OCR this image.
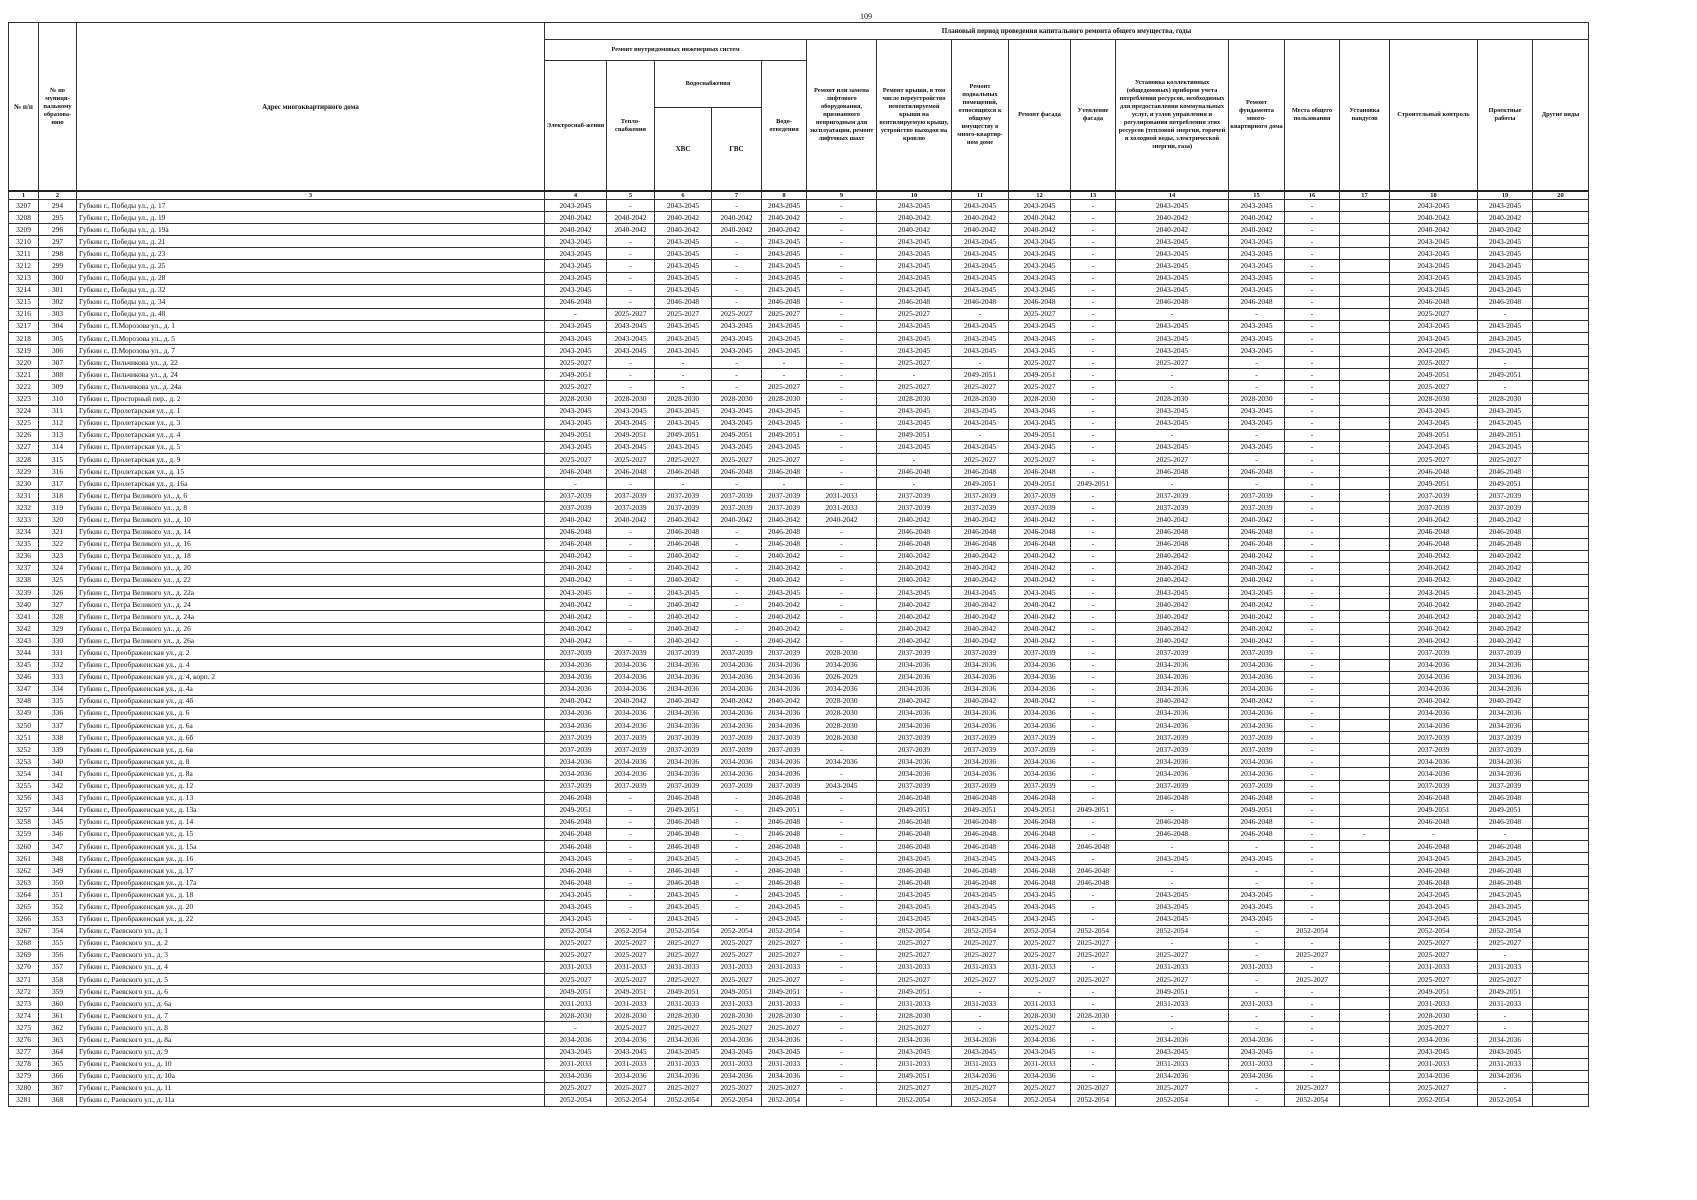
109
№ п/п	№ по муници-пальному образова-нию	Адрес многоквартирного дома	Плановый период проведения капитального ремонта общего имущества, годы																
			Ремонт внутридомовых инженерных систем					Ремонт или замена лифтового оборудования, признанного непригодным для эксплуатации, ремонт лифтовых шахт	Ремонт крыши, в том числе переустройство невентилируемой крыши на вентилируемую крышу, устройство выходов на кровлю	Ремонт подвальных помещений, относящихся к общему имуществу в много-квартир-ном доме	Ремонт фасада	Утепление фасада	Установка коллективных (общедомовых) приборов учета потребления ресурсов, необходимых для предоставления коммунальных услуг, и узлов управления и регулирования потребления этих ресурсов (тепловой энергии, горячей и холодной воды, электрической энергии, газа)	Ремонт фундамента много-квартирного дома	Места общего пользования	Установка пандусов	Строительный контроль	Проектные работы	Другие виды
			Электроснаб-жения	Тепло-снабжения	Водоснабжения		Водо-отведения												
					ХВС	ГВС													
1	2	3	4	5	6	7	8	9	10	11	12	13	14	15	16	17	18	19	20
3207	294	Губкин г., Победы ул., д. 17	2043-2045	-	2043-2045	-	2043-2045	-	2043-2045	2043-2045	2043-2045	-	2043-2045	2043-2045	-		2043-2045	2043-2045	
3208	295	Губкин г., Победы ул., д. 19	2040-2042	2040-2042	2040-2042	2040-2042	2040-2042	-	2040-2042	2040-2042	2040-2042	-	2040-2042	2040-2042	-		2040-2042	2040-2042	
3209	296	Губкин г., Победы ул., д. 19а	2040-2042	2040-2042	2040-2042	2040-2042	2040-2042	-	2040-2042	2040-2042	2040-2042	-	2040-2042	2040-2042	-		2040-2042	2040-2042	
3210	297	Губкин г., Победы ул., д. 21	2043-2045	-	2043-2045	-	2043-2045	-	2043-2045	2043-2045	2043-2045	-	2043-2045	2043-2045	-		2043-2045	2043-2045	
3211	298	Губкин г., Победы ул., д. 23	2043-2045	-	2043-2045	-	2043-2045	-	2043-2045	2043-2045	2043-2045	-	2043-2045	2043-2045	-		2043-2045	2043-2045	
3212	299	Губкин г., Победы ул., д. 25	2043-2045	-	2043-2045	-	2043-2045	-	2043-2045	2043-2045	2043-2045	-	2043-2045	2043-2045	-		2043-2045	2043-2045	
3213	300	Губкин г., Победы ул., д. 28	2043-2045	-	2043-2045	-	2043-2045	-	2043-2045	2043-2045	2043-2045	-	2043-2045	2043-2045	-		2043-2045	2043-2045	
3214	301	Губкин г., Победы ул., д. 32	2043-2045	-	2043-2045	-	2043-2045	-	2043-2045	2043-2045	2043-2045	-	2043-2045	2043-2045	-		2043-2045	2043-2045	
3215	302	Губкин г., Победы ул., д. 34	2046-2048	-	2046-2048	-	2046-2048	-	2046-2048	2046-2048	2046-2048	-	2046-2048	2046-2048	-		2046-2048	2046-2048	
3216	303	Губкин г., Победы ул., д. 48	-	2025-2027	2025-2027	2025-2027	2025-2027	-	2025-2027	-	2025-2027	-	-	-	-		2025-2027	-	
3217	304	Губкин г., П.Морозова ул., д. 1	2043-2045	2043-2045	2043-2045	2043-2045	2043-2045	-	2043-2045	2043-2045	2043-2045	-	2043-2045	2043-2045	-		2043-2045	2043-2045	
3218	305	Губкин г., П.Морозова ул., д. 5	2043-2045	2043-2045	2043-2045	2043-2045	2043-2045	-	2043-2045	2043-2045	2043-2045	-	2043-2045	2043-2045	-		2043-2045	2043-2045	
3219	306	Губкин г., П.Морозова ул., д. 7	2043-2045	2043-2045	2043-2045	2043-2045	2043-2045	-	2043-2045	2043-2045	2043-2045	-	2043-2045	2043-2045	-		2043-2045	2043-2045	
3220	307	Губкин г., Пильчикова ул., д. 22	2025-2027	-	-	-	-	-	2025-2027	-	2025-2027	-	2025-2027	-	-		2025-2027	-	
3221	308	Губкин г., Пильчикова ул., д. 24	2049-2051	-	-	-	-	-	-	2049-2051	2049-2051	-	-	-	-		2049-2051	2049-2051	
3222	309	Губкин г., Пильчикова ул., д. 24а	2025-2027	-	-	-	2025-2027	-	2025-2027	2025-2027	2025-2027	-	-	-	-		2025-2027	-	
3223	310	Губкин г., Просторный пер., д. 2	2028-2030	2028-2030	2028-2030	2028-2030	2028-2030	-	2028-2030	2028-2030	2028-2030	-	2028-2030	2028-2030	-		2028-2030	2028-2030	
3224	311	Губкин г., Пролетарская ул., д. 1	2043-2045	2043-2045	2043-2045	2043-2045	2043-2045	-	2043-2045	2043-2045	2043-2045	-	2043-2045	2043-2045	-		2043-2045	2043-2045	
3225	312	Губкин г., Пролетарская ул., д. 3	2043-2045	2043-2045	2043-2045	2043-2045	2043-2045	-	2043-2045	2043-2045	2043-2045	-	2043-2045	2043-2045	-		2043-2045	2043-2045	
3226	313	Губкин г., Пролетарская ул., д. 4	2049-2051	2049-2051	2049-2051	2049-2051	2049-2051	-	2049-2051	-	2049-2051	-	-	-	-		2049-2051	2049-2051	
3227	314	Губкин г., Пролетарская ул., д. 5	2043-2045	2043-2045	2043-2045	2043-2045	2043-2045	-	2043-2045	2043-2045	2043-2045	-	2043-2045	2043-2045	-		2043-2045	2043-2045	
3228	315	Губкин г., Пролетарская ул., д. 9	2025-2027	2025-2027	2025-2027	2025-2027	2025-2027	-	-	2025-2027	2025-2027	-	2025-2027	-	-		2025-2027	2025-2027	
3229	316	Губкин г., Пролетарская ул., д. 15	2046-2048	2046-2048	2046-2048	2046-2048	2046-2048	-	2046-2048	2046-2048	2046-2048	-	2046-2048	2046-2048	-		2046-2048	2046-2048	
3230	317	Губкин г., Пролетарская ул., д. 16а	-	-	-	-	-	-	-	2049-2051	2049-2051	2049-2051	-	-	-		2049-2051	2049-2051	
3231	318	Губкин г., Петра Великого ул., д. 6	2037-2039	2037-2039	2037-2039	2037-2039	2037-2039	2031-2033	2037-2039	2037-2039	2037-2039	-	2037-2039	2037-2039	-		2037-2039	2037-2039	
3232	319	Губкин г., Петра Великого ул., д. 8	2037-2039	2037-2039	2037-2039	2037-2039	2037-2039	2031-2033	2037-2039	2037-2039	2037-2039	-	2037-2039	2037-2039	-		2037-2039	2037-2039	
3233	320	Губкин г., Петра Великого ул., д. 10	2040-2042	2040-2042	2040-2042	2040-2042	2040-2042	2040-2042	2040-2042	2040-2042	2040-2042	-	2040-2042	2040-2042	-		2040-2042	2040-2042	
3234	321	Губкин г., Петра Великого ул., д. 14	2046-2048	-	2046-2048	-	2046-2048	-	2046-2048	2046-2048	2046-2048	-	2046-2048	2046-2048	-		2046-2048	2046-2048	
3235	322	Губкин г., Петра Великого ул., д. 16	2046-2048	-	2046-2048	-	2046-2048	-	2046-2048	2046-2048	2046-2048	-	2046-2048	2046-2048	-		2046-2048	2046-2048	
3236	323	Губкин г., Петра Великого ул., д. 18	2040-2042	-	2040-2042	-	2040-2042	-	2040-2042	2040-2042	2040-2042	-	2040-2042	2040-2042	-		2040-2042	2040-2042	
3237	324	Губкин г., Петра Великого ул., д. 20	2040-2042	-	2040-2042	-	2040-2042	-	2040-2042	2040-2042	2040-2042	-	2040-2042	2040-2042	-		2040-2042	2040-2042	
3238	325	Губкин г., Петра Великого ул., д. 22	2040-2042	-	2040-2042	-	2040-2042	-	2040-2042	2040-2042	2040-2042	-	2040-2042	2040-2042	-		2040-2042	2040-2042	
3239	326	Губкин г., Петра Великого ул., д. 22а	2043-2045	-	2043-2045	-	2043-2045	-	2043-2045	2043-2045	2043-2045	-	2043-2045	2043-2045	-		2043-2045	2043-2045	
3240	327	Губкин г., Петра Великого ул., д. 24	2040-2042	-	2040-2042	-	2040-2042	-	2040-2042	2040-2042	2040-2042	-	2040-2042	2040-2042	-		2040-2042	2040-2042	
3241	328	Губкин г., Петра Великого ул., д. 24а	2040-2042	-	2040-2042	-	2040-2042	-	2040-2042	2040-2042	2040-2042	-	2040-2042	2040-2042	-		2040-2042	2040-2042	
3242	329	Губкин г., Петра Великого ул., д. 26	2040-2042	-	2040-2042	-	2040-2042	-	2040-2042	2040-2042	2040-2042	-	2040-2042	2040-2042	-		2040-2042	2040-2042	
3243	330	Губкин г., Петра Великого ул., д. 26а	2040-2042	-	2040-2042	-	2040-2042	-	2040-2042	2040-2042	2040-2042	-	2040-2042	2040-2042	-		2040-2042	2040-2042	
3244	331	Губкин г., Преображенская ул., д. 2	2037-2039	2037-2039	2037-2039	2037-2039	2037-2039	2028-2030	2037-2039	2037-2039	2037-2039	-	2037-2039	2037-2039	-		2037-2039	2037-2039	
3245	332	Губкин г., Преображенская ул., д. 4	2034-2036	2034-2036	2034-2036	2034-2036	2034-2036	2034-2036	2034-2036	2034-2036	2034-2036	-	2034-2036	2034-2036	-		2034-2036	2034-2036	
3246	333	Губкин г., Преображенская ул., д. 4, корп. 2	2034-2036	2034-2036	2034-2036	2034-2036	2034-2036	2026-2029	2034-2036	2034-2036	2034-2036	-	2034-2036	2034-2036	-		2034-2036	2034-2036	
3247	334	Губкин г., Преображенская ул., д. 4а	2034-2036	2034-2036	2034-2036	2034-2036	2034-2036	2034-2036	2034-2036	2034-2036	2034-2036	-	2034-2036	2034-2036	-		2034-2036	2034-2036	
3248	335	Губкин г., Преображенская ул., д. 4б	2040-2042	2040-2042	2040-2042	2040-2042	2040-2042	2028-2030	2040-2042	2040-2042	2040-2042	-	2040-2042	2040-2042	-		2040-2042	2040-2042	
3249	336	Губкин г., Преображенская ул., д. 6	2034-2036	2034-2036	2034-2036	2034-2036	2034-2036	2028-2030	2034-2036	2034-2036	2034-2036	-	2034-2036	2034-2036	-		2034-2036	2034-2036	
3250	337	Губкин г., Преображенская ул., д. 6а	2034-2036	2034-2036	2034-2036	2034-2036	2034-2036	2028-2030	2034-2036	2034-2036	2034-2036	-	2034-2036	2034-2036	-		2034-2036	2034-2036	
3251	338	Губкин г., Преображенская ул., д. 6б	2037-2039	2037-2039	2037-2039	2037-2039	2037-2039	2028-2030	2037-2039	2037-2039	2037-2039	-	2037-2039	2037-2039	-		2037-2039	2037-2039	
3252	339	Губкин г., Преображенская ул., д. 6в	2037-2039	2037-2039	2037-2039	2037-2039	2037-2039	-	2037-2039	2037-2039	2037-2039	-	2037-2039	2037-2039	-		2037-2039	2037-2039	
3253	340	Губкин г., Преображенская ул., д. 8	2034-2036	2034-2036	2034-2036	2034-2036	2034-2036	2034-2036	2034-2036	2034-2036	2034-2036	-	2034-2036	2034-2036	-		2034-2036	2034-2036	
3254	341	Губкин г., Преображенская ул., д. 8а	2034-2036	2034-2036	2034-2036	2034-2036	2034-2036	-	2034-2036	2034-2036	2034-2036	-	2034-2036	2034-2036	-		2034-2036	2034-2036	
3255	342	Губкин г., Преображенская ул., д. 12	2037-2039	2037-2039	2037-2039	2037-2039	2037-2039	2043-2045	2037-2039	2037-2039	2037-2039	-	2037-2039	2037-2039	-		2037-2039	2037-2039	
3256	343	Губкин г., Преображенская ул., д. 13	2046-2048	-	2046-2048	-	2046-2048	-	2046-2048	2046-2048	2046-2048	-	2046-2048	2046-2048	-		2046-2048	2046-2048	
3257	344	Губкин г., Преображенская ул., д. 13а	2049-2051	-	2049-2051	-	2049-2051	-	2049-2051	2049-2051	2049-2051	2049-2051	-	2049-2051	-		2049-2051	2049-2051	
3258	345	Губкин г., Преображенская ул., д. 14	2046-2048	-	2046-2048	-	2046-2048	-	2046-2048	2046-2048	2046-2048	-	2046-2048	2046-2048	-		2046-2048	2046-2048	
3259	346	Губкин г., Преображенская ул., д. 15	2046-2048	-	2046-2048	-	2046-2048	-	2046-2048	2046-2048	2046-2048	-	2046-2048	2046-2048	-	-	-	-	
3260	347	Губкин г., Преображенская ул., д. 15а	2046-2048	-	2046-2048	-	2046-2048	-	2046-2048	2046-2048	2046-2048	2046-2048	-	-	-		2046-2048	2046-2048	
3261	348	Губкин г., Преображенская ул., д. 16	2043-2045	-	2043-2045	-	2043-2045	-	2043-2045	2043-2045	2043-2045	-	2043-2045	2043-2045	-		2043-2045	2043-2045	
3262	349	Губкин г., Преображенская ул., д. 17	2046-2048	-	2046-2048	-	2046-2048	-	2046-2048	2046-2048	2046-2048	2046-2048	-	-	-		2046-2048	2046-2048	
3263	350	Губкин г., Преображенская ул., д. 17а	2046-2048	-	2046-2048	-	2046-2048	-	2046-2048	2046-2048	2046-2048	2046-2048	-	-	-		2046-2048	2046-2048	
3264	351	Губкин г., Преображенская ул., д. 18	2043-2045	-	2043-2045	-	2043-2045	-	2043-2045	2043-2045	2043-2045	-	2043-2045	2043-2045	-		2043-2045	2043-2045	
3265	352	Губкин г., Преображенская ул., д. 20	2043-2045	-	2043-2045	-	2043-2045	-	2043-2045	2043-2045	2043-2045	-	2043-2045	2043-2045	-		2043-2045	2043-2045	
3266	353	Губкин г., Преображенская ул., д. 22	2043-2045	-	2043-2045	-	2043-2045	-	2043-2045	2043-2045	2043-2045	-	2043-2045	2043-2045	-		2043-2045	2043-2045	
3267	354	Губкин г., Раевского ул., д. 1	2052-2054	2052-2054	2052-2054	2052-2054	2052-2054	-	2052-2054	2052-2054	2052-2054	2052-2054	2052-2054	-	2052-2054		2052-2054	2052-2054	
3268	355	Губкин г., Раевского ул., д. 2	2025-2027	2025-2027	2025-2027	2025-2027	2025-2027	-	2025-2027	2025-2027	2025-2027	2025-2027	-	-	-		2025-2027	2025-2027	
3269	356	Губкин г., Раевского ул., д. 3	2025-2027	2025-2027	2025-2027	2025-2027	2025-2027	-	2025-2027	2025-2027	2025-2027	2025-2027	2025-2027	-	2025-2027		2025-2027	-	
3270	357	Губкин г., Раевского ул., д. 4	2031-2033	2031-2033	2031-2033	2031-2033	2031-2033	-	2031-2033	2031-2033	2031-2033	-	2031-2033	2031-2033	-		2031-2033	2031-2033	
3271	358	Губкин г., Раевского ул., д. 5	2025-2027	2025-2027	2025-2027	2025-2027	2025-2027	-	2025-2027	2025-2027	2025-2027	2025-2027	2025-2027	-	2025-2027		2025-2027	2025-2027	
3272	359	Губкин г., Раевского ул., д. 6	2049-2051	2049-2051	2049-2051	2049-2051	2049-2051	-	2049-2051	-	-	-	2049-2051	-	-		2049-2051	2049-2051	
3273	360	Губкин г., Раевского ул., д. 6а	2031-2033	2031-2033	2031-2033	2031-2033	2031-2033	-	2031-2033	2031-2033	2031-2033	-	2031-2033	2031-2033	-		2031-2033	2031-2033	
3274	361	Губкин г., Раевского ул., д. 7	2028-2030	2028-2030	2028-2030	2028-2030	2028-2030	-	2028-2030	-	2028-2030	2028-2030	-	-	-		2028-2030	-	
3275	362	Губкин г., Раевского ул., д. 8	-	2025-2027	2025-2027	2025-2027	2025-2027	-	2025-2027	-	2025-2027	-	-	-	-		2025-2027	-	
3276	363	Губкин г., Раевского ул., д. 8а	2034-2036	2034-2036	2034-2036	2034-2036	2034-2036	-	2034-2036	2034-2036	2034-2036	-	2034-2036	2034-2036	-		2034-2036	2034-2036	
3277	364	Губкин г., Раевского ул., д. 9	2043-2045	2043-2045	2043-2045	2043-2045	2043-2045	-	2043-2045	2043-2045	2043-2045	-	2043-2045	2043-2045	-		2043-2045	2043-2045	
3278	365	Губкин г., Раевского ул., д. 10	2031-2033	2031-2033	2031-2033	2031-2033	2031-2033	-	2031-2033	2031-2033	2031-2033	-	2031-2033	2031-2033	-		2031-2033	2031-2033	
3279	366	Губкин г., Раевского ул., д. 10а	2034-2036	2034-2036	2034-2036	2034-2036	2034-2036	-	2049-2051	2034-2036	2034-2036	-	2034-2036	2034-2036	-		2034-2036	2034-2036	
3280	367	Губкин г., Раевского ул., д. 11	2025-2027	2025-2027	2025-2027	2025-2027	2025-2027	-	2025-2027	2025-2027	2025-2027	2025-2027	2025-2027	-	2025-2027		2025-2027	-	
3281	368	Губкин г., Раевского ул., д. 11а	2052-2054	2052-2054	2052-2054	2052-2054	2052-2054	-	2052-2054	2052-2054	2052-2054	2052-2054	2052-2054	-	2052-2054		2052-2054	2052-2054	
